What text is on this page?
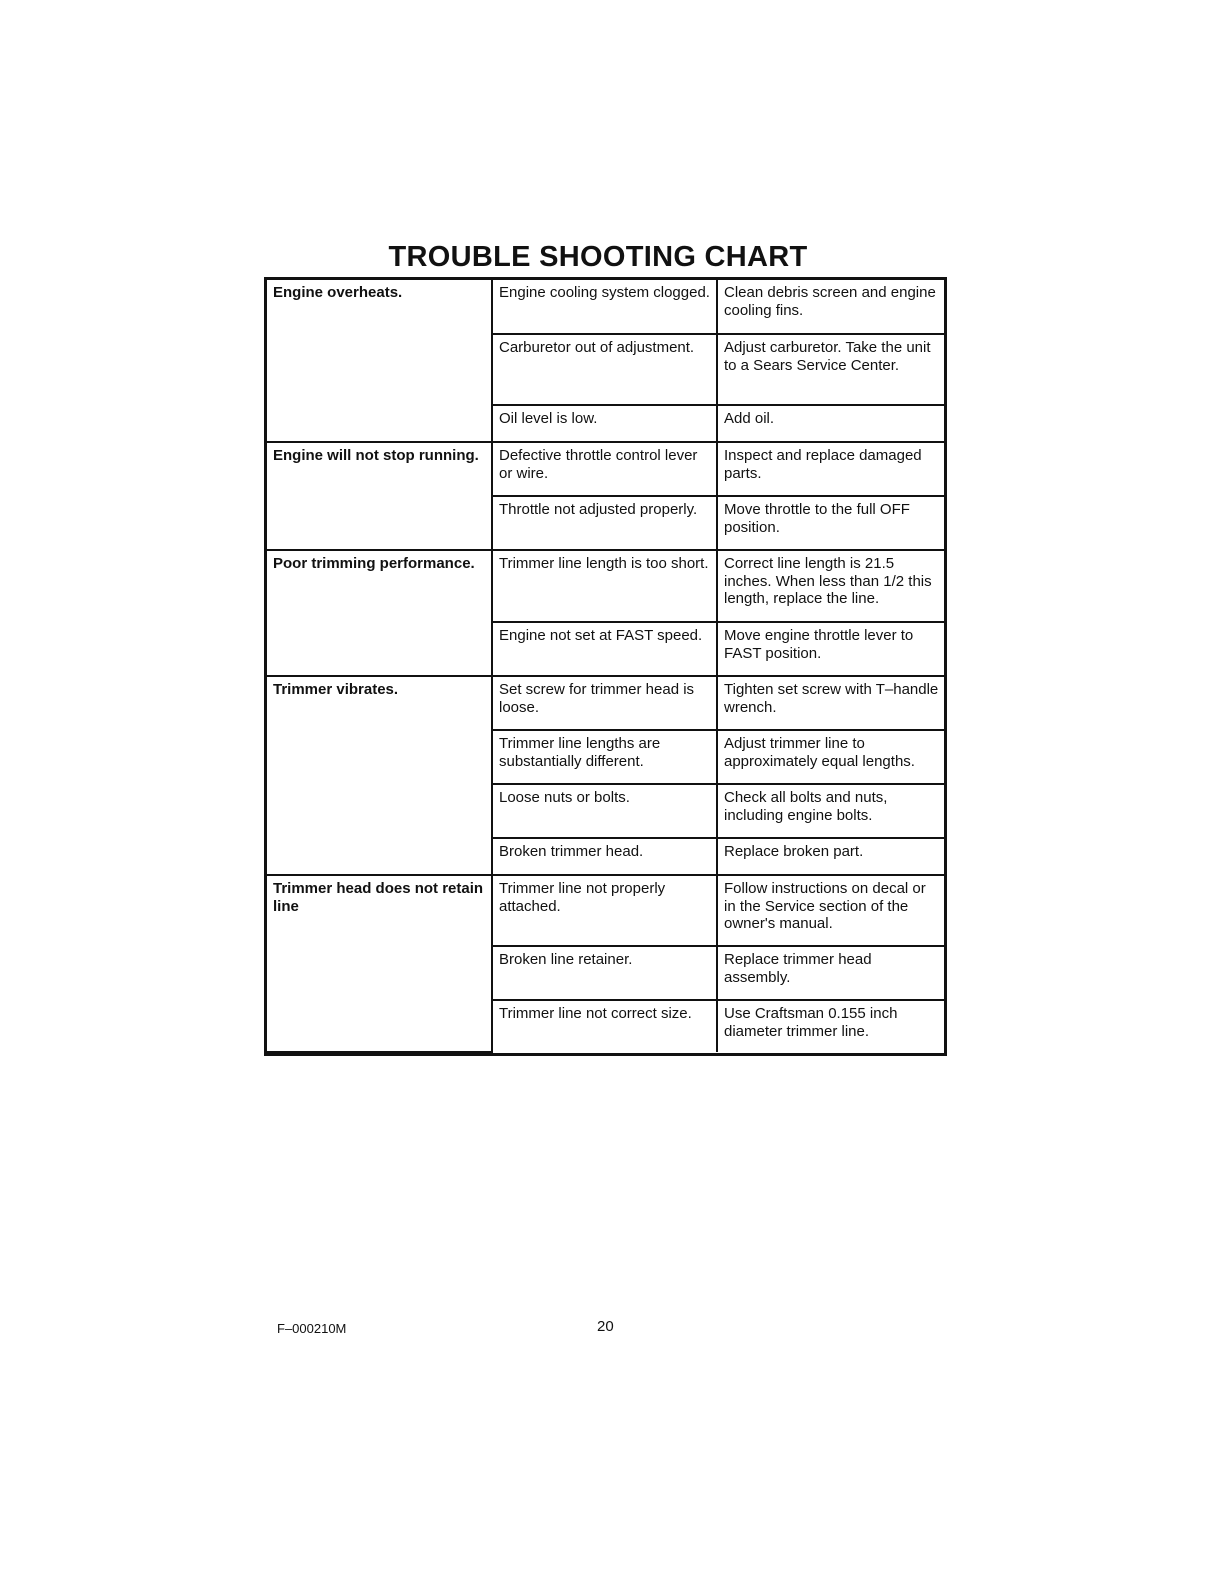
TROUBLE SHOOTING CHART
Engine overheats.	Engine cooling system clogged.	Clean debris screen and engine cooling fins.
	Carburetor out of adjustment.	Adjust carburetor. Take the unit to a Sears Service Center.
	Oil level is low.	Add oil.
Engine will not stop running.	Defective throttle control lever or wire.	Inspect and replace damaged parts.
	Throttle not adjusted properly.	Move throttle to the full OFF position.
Poor trimming performance.	Trimmer line length is too short.	Correct line length is 21.5 inches. When less than 1/2 this length, replace the line.
	Engine not set at FAST speed.	Move engine throttle lever to FAST position.
Trimmer vibrates.	Set screw for trimmer head is loose.	Tighten set screw with T–handle wrench.
	Trimmer line lengths are substantially different.	Adjust trimmer line to approximately equal lengths.
	Loose nuts or bolts.	Check all bolts and nuts, including engine bolts.
	Broken trimmer head.	Replace broken part.
Trimmer head does not retain line	Trimmer line not properly attached.	Follow instructions on decal or in the Service section of the owner's manual.
	Broken line retainer.	Replace trimmer head assembly.
	Trimmer line not correct size.	Use Craftsman 0.155 inch diameter trimmer line.

F–000210M	20
